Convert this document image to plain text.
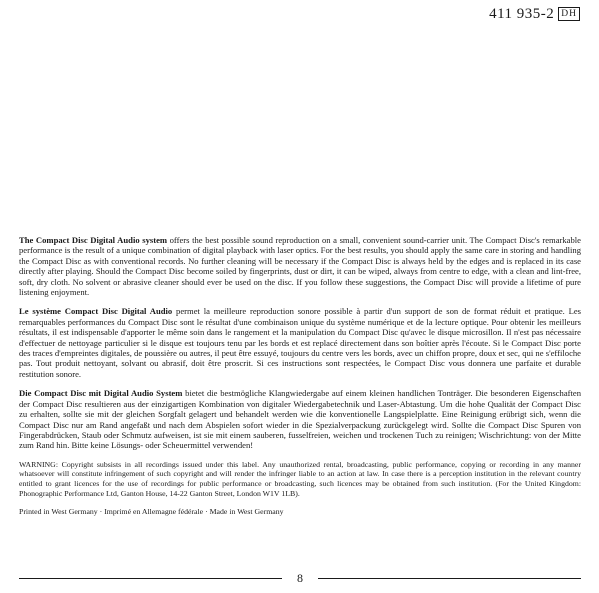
411 935-2 DH

The Compact Disc Digital Audio system offers the best possible sound reproduction on a small, convenient sound-carrier unit. The Compact Disc's remarkable performance is the result of a unique combination of digital playback with laser optics. For the best results, you should apply the same care in storing and handling the Compact Disc as with conventional records. No further cleaning will be necessary if the Compact Disc is always held by the edges and is replaced in its case directly after playing. Should the Compact Disc become soiled by fingerprints, dust or dirt, it can be wiped, always from centre to edge, with a clean and lint-free, soft, dry cloth. No solvent or abrasive cleaner should ever be used on the disc. If you follow these suggestions, the Compact Disc will provide a lifetime of pure listening enjoyment.

Le système Compact Disc Digital Audio permet la meilleure reproduction sonore possible à partir d'un support de son de format réduit et pratique. Les remarquables performances du Compact Disc sont le résultat d'une combinaison unique du système numérique et de la lecture optique. Pour obtenir les meilleurs résultats, il est indispensable d'apporter le même soin dans le rangement et la manipulation du Compact Disc qu'avec le disque microsillon. Il n'est pas nécessaire d'effectuer de nettoyage particulier si le disque est toujours tenu par les bords et est replacé directement dans son boîtier après l'écoute. Si le Compact Disc porte des traces d'empreintes digitales, de poussière ou autres, il peut être essuyé, toujours du centre vers les bords, avec un chiffon propre, doux et sec, qui ne s'effiloche pas. Tout produit nettoyant, solvant ou abrasif, doit être proscrit. Si ces instructions sont respectées, le Compact Disc vous donnera une parfaite et durable restitution sonore.

Die Compact Disc mit Digital Audio System bietet die bestmögliche Klangwiedergabe auf einem kleinen handlichen Tonträger. Die besonderen Eigenschaften der Compact Disc resultieren aus der einzigartigen Kombination von digitaler Wiedergabetechnik und Laser-Abtastung. Um die hohe Qualität der Compact Disc zu erhalten, sollte sie mit der gleichen Sorgfalt gelagert und behandelt werden wie die konventionelle Langspielplatte. Eine Reinigung erübrigt sich, wenn die Compact Disc nur am Rand angefaßt und nach dem Abspielen sofort wieder in die Spezialverpackung zurückgelegt wird. Sollte die Compact Disc Spuren von Fingerabdrücken, Staub oder Schmutz aufweisen, ist sie mit einem sauberen, fusselfreien, weichen und trockenen Tuch zu reinigen; Wischrichtung: von der Mitte zum Rand hin. Bitte keine Lösungs- oder Scheuermittel verwenden!

WARNING: Copyright subsists in all recordings issued under this label. Any unauthorized rental, broadcasting, public performance, copying or recording in any manner whatsoever will constitute infringement of such copyright and will render the infringer liable to an action at law. In case there is a perception institution in the relevant country entitled to grant licences for the use of recordings for public performance or broadcasting, such licences may be obtained from such institution. (For the United Kingdom: Phonographic Performance Ltd, Ganton House, 14-22 Ganton Street, London W1V 1LB).

Printed in West Germany · Imprimé en Allemagne fédérale · Made in West Germany

8
